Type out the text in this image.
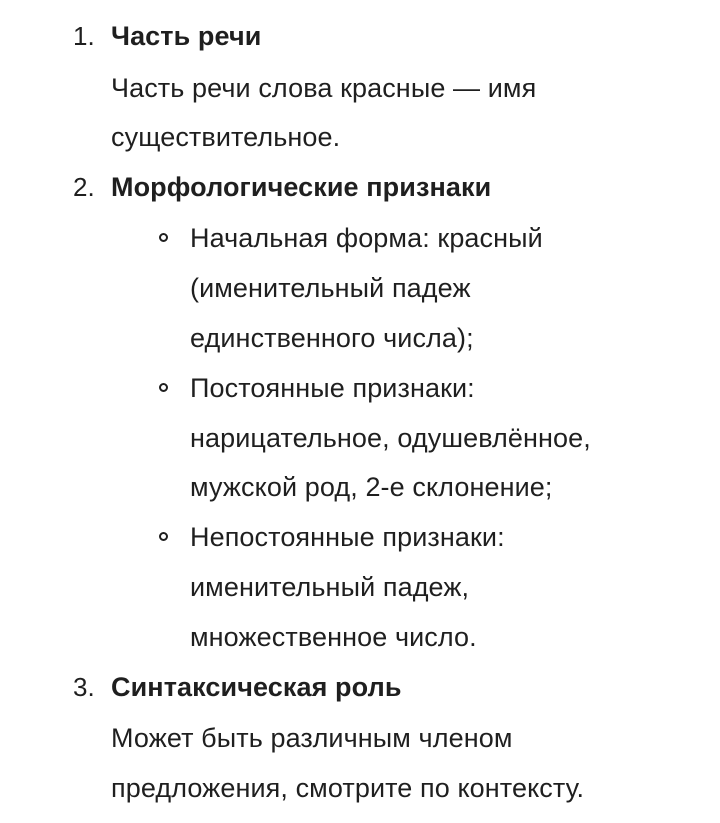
1. Часть речи
Часть речи слова красные — имя
существительное.
2. Морфологические признаки
Начальная форма: красный
(именительный падеж
единственного числа);
Постоянные признаки:
нарицательное, одушевлённое,
мужской род, 2-е склонение;
Непостоянные признаки:
именительный падеж,
множественное число.
3. Синтаксическая роль
Может быть различным членом
предложения, смотрите по контексту.
